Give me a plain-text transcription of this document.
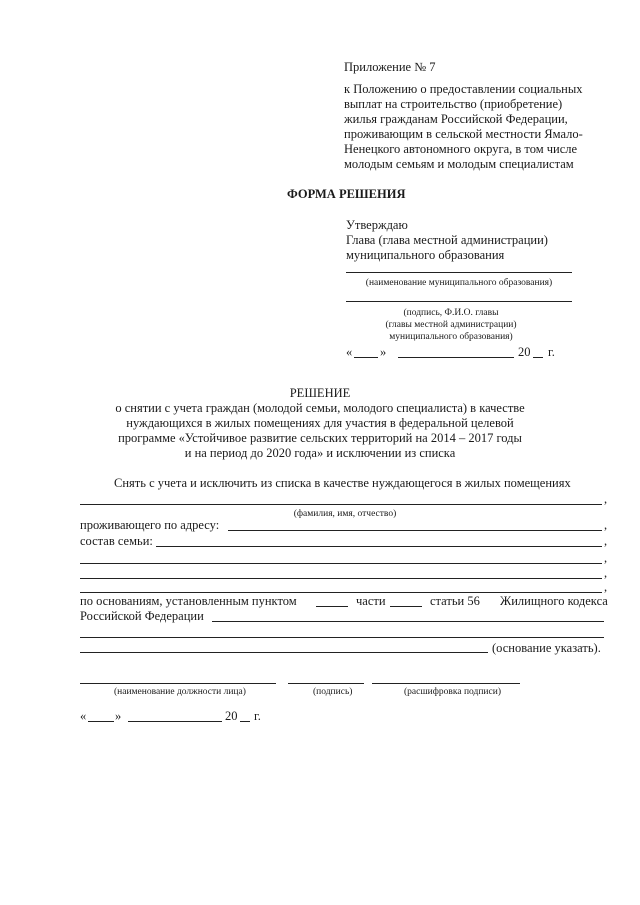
Приложение № 7
к Положению о предоставлении социальных
выплат на строительство (приобретение)
жилья гражданам Российской Федерации,
проживающим в сельской местности Ямало-
Ненецкого автономного округа, в том числе
молодым семьям и молодым специалистам
ФОРМА РЕШЕНИЯ
Утверждаю
Глава (глава местной администрации)
муниципального образования
(наименование муниципального образования)
(подпись, Ф.И.О. главы
(главы местной администрации)
муниципального образования)
« »	20 г.
РЕШЕНИЕ
о снятии с учета граждан (молодой семьи, молодого специалиста) в качестве
нуждающихся в жилых помещениях для участия в федеральной целевой
программе «Устойчивое развитие сельских территорий на 2014 – 2017 годы
и на период до 2020 года» и исключении из списка
Снять с учета и исключить из списка в качестве нуждающегося в жилых помещениях
,
(фамилия, имя, отчество)
проживающего по адресу:	,
состав семьи:	,
,
,
,
по основаниям, установленным пунктом	части	статьи 56 Жилищного кодекса
Российской Федерации
(основание указать).
(наименование должности лица)	(подпись)	(расшифровка подписи)
« »	20 г.
